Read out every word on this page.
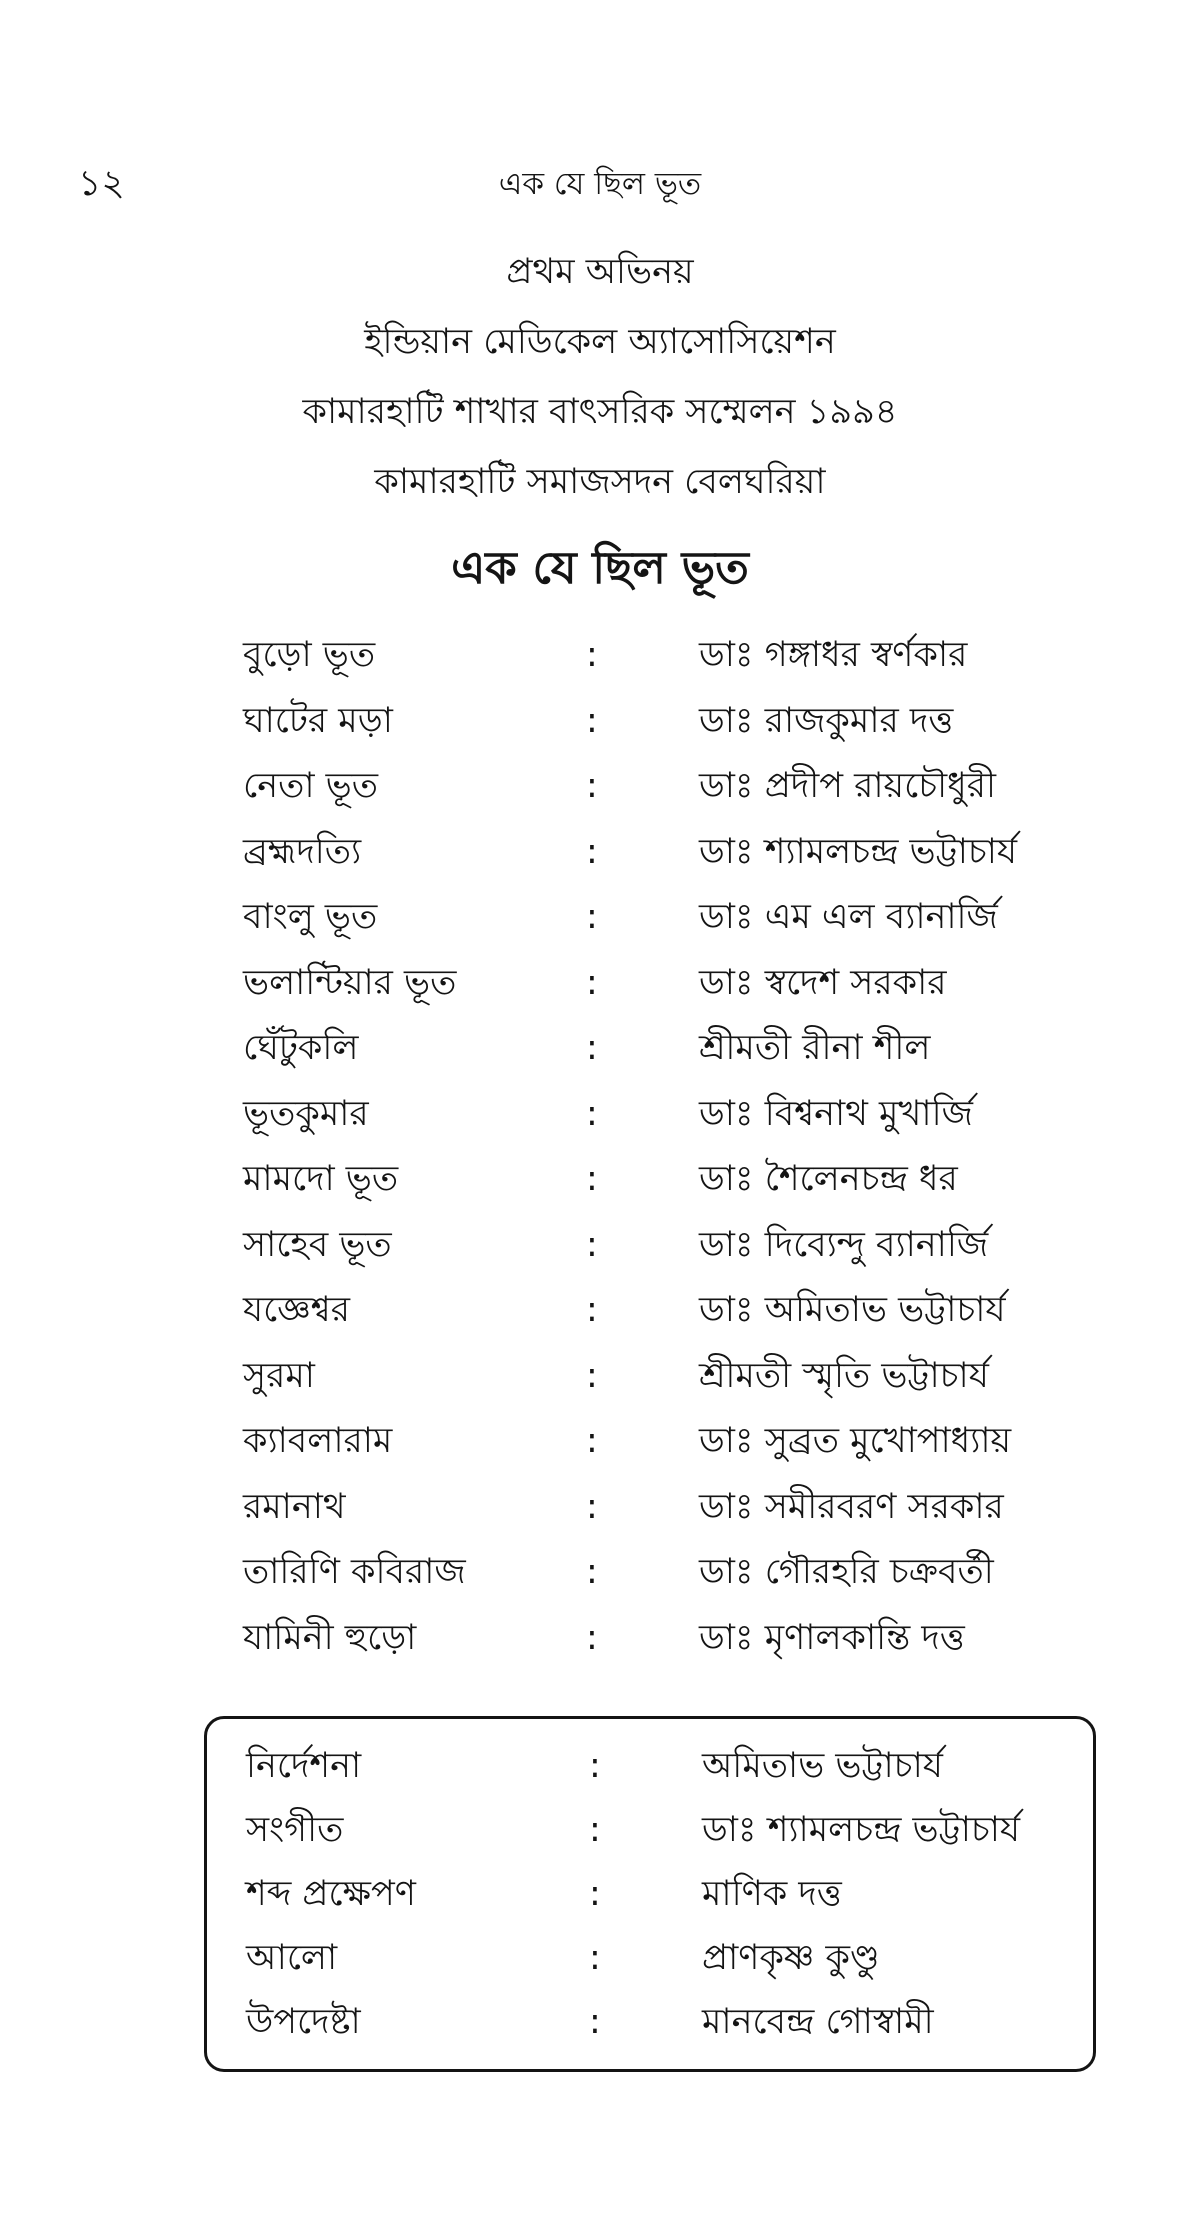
১২	এক যে ছিল ভূত
প্রথম অভিনয়
ইন্ডিয়ান মেডিকেল অ্যাসোসিয়েশন
কামারহাটি শাখার বাৎসরিক সম্মেলন ১৯৯৪
কামারহাটি সমাজসদন বেলঘরিয়া
এক যে ছিল ভূত
বুড়ো ভূত	:	ডাঃ গঙ্গাধর স্বর্ণকার
ঘাটের মড়া	:	ডাঃ রাজকুমার দত্ত
নেতা ভূত	:	ডাঃ প্রদীপ রায়চৌধুরী
ব্রহ্মদত্যি	:	ডাঃ শ্যামলচন্দ্র ভট্টাচার্য
বাংলু ভূত	:	ডাঃ এম এল ব্যানার্জি
ভলান্টিয়ার ভূত	:	ডাঃ স্বদেশ সরকার
ঘেঁটুকলি	:	শ্রীমতী রীনা শীল
ভূতকুমার	:	ডাঃ বিশ্বনাথ মুখার্জি
মামদো ভূত	:	ডাঃ শৈলেনচন্দ্র ধর
সাহেব ভূত	:	ডাঃ দিব্যেন্দু ব্যানার্জি
যজ্ঞেশ্বর	:	ডাঃ অমিতাভ ভট্টাচার্য
সুরমা	:	শ্রীমতী স্মৃতি ভট্টাচার্য
ক্যাবলারাম	:	ডাঃ সুব্রত মুখোপাধ্যায়
রমানাথ	:	ডাঃ সমীরবরণ সরকার
তারিণি কবিরাজ	:	ডাঃ গৌরহরি চক্রবর্তী
যামিনী হুড়ো	:	ডাঃ মৃণালকান্তি দত্ত
নির্দেশনা	:	অমিতাভ ভট্টাচার্য
সংগীত	:	ডাঃ শ্যামলচন্দ্র ভট্টাচার্য
শব্দ প্রক্ষেপণ	:	মাণিক দত্ত
আলো	:	প্রাণকৃষ্ণ কুণ্ডু
উপদেষ্টা	:	মানবেন্দ্র গোস্বামী
